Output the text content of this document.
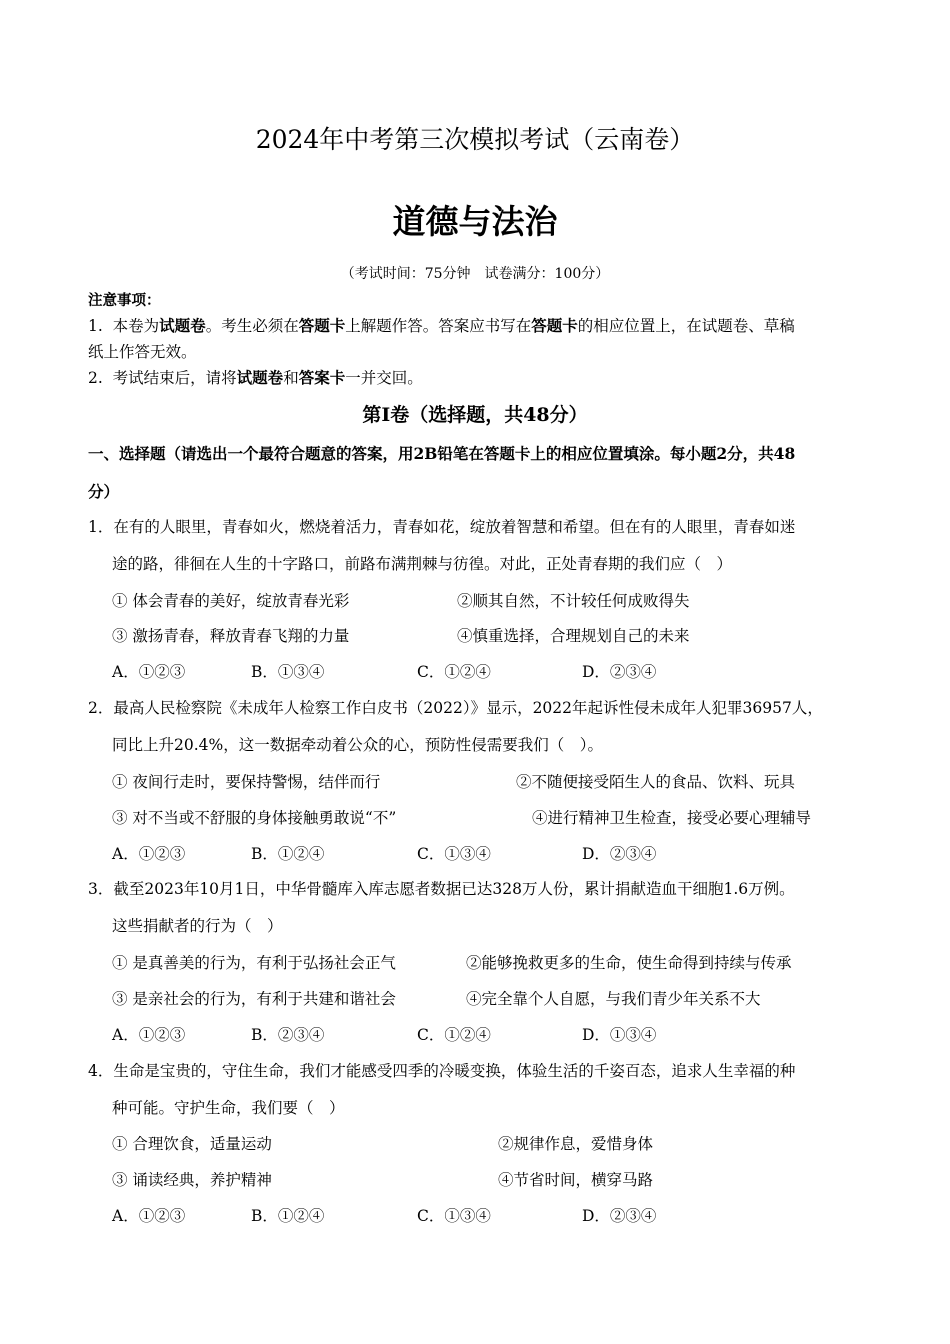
2024年中考第三次模拟考试（云南卷）
道德与法治
（考试时间：75分钟　试卷满分：100分）
注意事项：
1. 本卷为试题卷。考生必须在答题卡上解题作答。答案应书写在答题卡的相应位置上，在试题卷、草稿
纸上作答无效。
2. 考试结束后，请将试题卷和答案卡一并交回。
第Ⅰ卷（选择题，共48分）
一、选择题（请选出一个最符合题意的答案，用2B铅笔在答题卡上的相应位置填涂。每小题2分，共48
分）
1．在有的人眼里，青春如火，燃烧着活力，青春如花，绽放着智慧和希望。但在有的人眼里，青春如迷
途的路，徘徊在人生的十字路口，前路布满荆棘与彷徨。对此，正处青春期的我们应（　）
① 体会青春的美好，绽放青春光彩	②顺其自然，不计较任何成败得失
③ 激扬青春，释放青春飞翔的力量	④慎重选择，合理规划自己的未来
A．①②③	B．①③④	C．①②④	D．②③④
2．最高人民检察院《未成年人检察工作白皮书（2022）》显示，2022年起诉性侵未成年人犯罪36957人，
同比上升20.4%，这一数据牵动着公众的心，预防性侵需要我们（　）。
① 夜间行走时，要保持警惕，结伴而行	②不随便接受陌生人的食品、饮料、玩具
③ 对不当或不舒服的身体接触勇敢说“不”	④进行精神卫生检查，接受必要心理辅导
A．①②③	B．①②④	C．①③④	D．②③④
3．截至2023年10月1日，中华骨髓库入库志愿者数据已达328万人份，累计捐献造血干细胞1.6万例。
这些捐献者的行为（　）
① 是真善美的行为，有利于弘扬社会正气	②能够挽救更多的生命，使生命得到持续与传承
③ 是亲社会的行为，有利于共建和谐社会	④完全靠个人自愿，与我们青少年关系不大
A．①②③	B．②③④	C．①②④	D．①③④
4．生命是宝贵的，守住生命，我们才能感受四季的冷暖变换，体验生活的千姿百态，追求人生幸福的种
种可能。守护生命，我们要（　）
① 合理饮食，适量运动	②规律作息，爱惜身体
③ 诵读经典，养护精神	④节省时间，横穿马路
A．①②③	B．①②④	C．①③④	D．②③④
